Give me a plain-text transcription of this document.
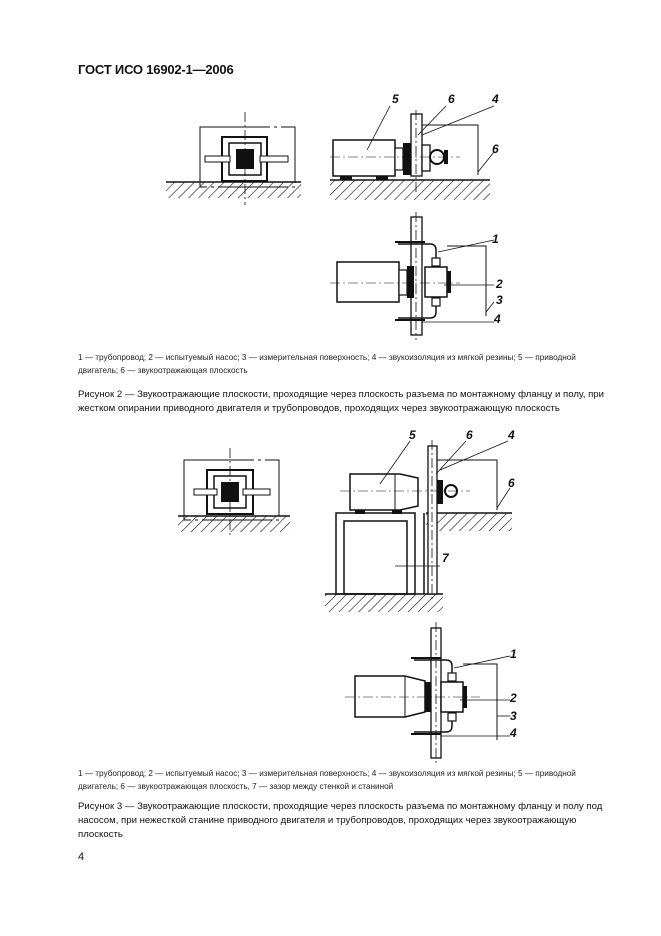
ГОСТ ИСО 16902-1—2006
5	6	4
6
1
2
3
4
5	6	4
6
7
1
2
3
4
1 — трубопровод; 2 — испытуемый насос; 3 — измерительная поверхность; 4 — звукоизоляция из мягкой резины; 5 — приводной двигатель; 6 — звукоотражающая плоскость
Рисунок 2 — Звукоотражающие плоскости, проходящие через плоскость разъема по монтажному фланцу и полу, при жестком опирании приводного двигателя и трубопроводов, проходящих через звукоотражающую плоскость
1 — трубопровод; 2 — испытуемый насос; 3 — измерительная поверхность; 4 — звукоизоляция из мягкой резины; 5 — приводной двигатель; 6 — звукоотражающая плоскость, 7 — зазор между стенкой и станиной
Рисунок 3 — Звукоотражающие плоскости, проходящие через плоскость разъема по монтажному фланцу и полу под насосом, при нежесткой станине приводного двигателя и трубопроводов, проходящих через звукоотражающую плоскость
4
